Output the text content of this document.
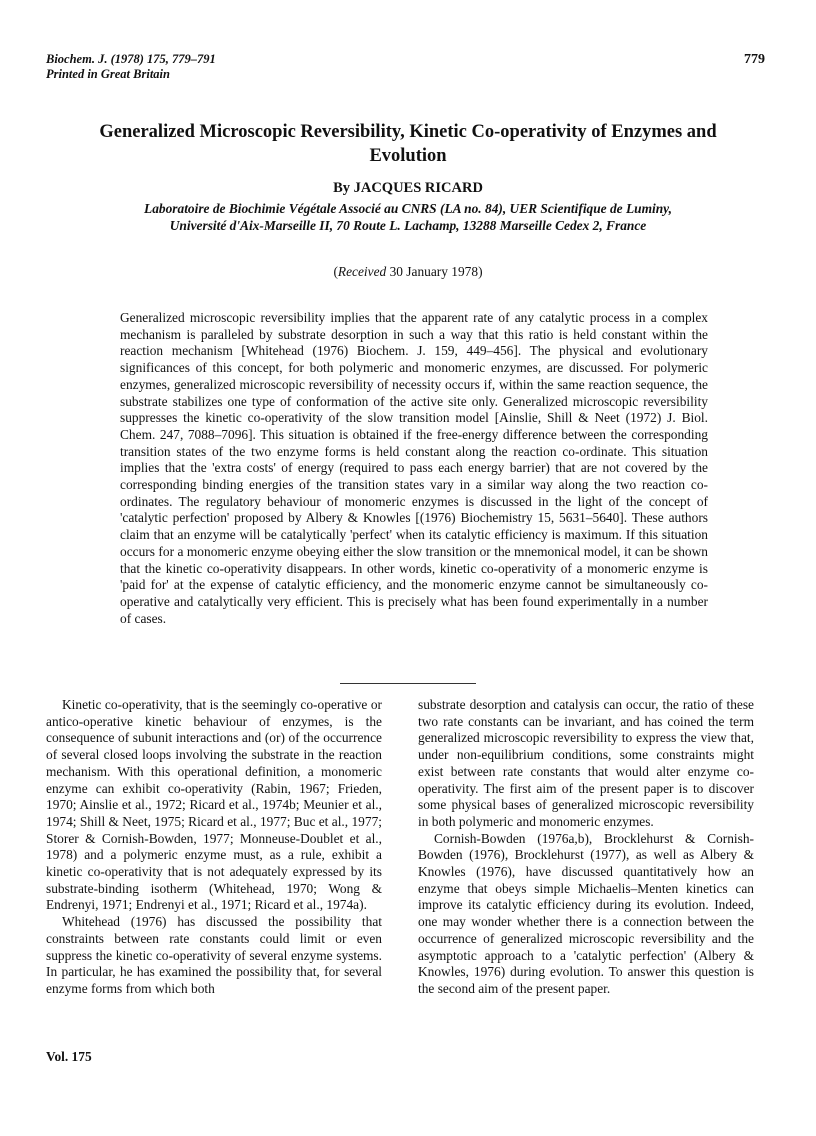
Biochem. J. (1978) 175, 779–791
Printed in Great Britain
779
Generalized Microscopic Reversibility, Kinetic Co-operativity of Enzymes and Evolution
By JACQUES RICARD
Laboratoire de Biochimie Végétale Associé au CNRS (LA no. 84), UER Scientifique de Luminy,
Université d'Aix-Marseille II, 70 Route L. Lachamp, 13288 Marseille Cedex 2, France
(Received 30 January 1978)
Generalized microscopic reversibility implies that the apparent rate of any catalytic process in a complex mechanism is paralleled by substrate desorption in such a way that this ratio is held constant within the reaction mechanism [Whitehead (1976) Biochem. J. 159, 449–456]. The physical and evolutionary significances of this concept, for both polymeric and monomeric enzymes, are discussed. For polymeric enzymes, generalized microscopic reversibility of necessity occurs if, within the same reaction sequence, the substrate stabilizes one type of conformation of the active site only. Generalized microscopic reversibility suppresses the kinetic co-operativity of the slow transition model [Ainslie, Shill & Neet (1972) J. Biol. Chem. 247, 7088–7096]. This situation is obtained if the free-energy difference between the corresponding transition states of the two enzyme forms is held constant along the reaction co-ordinate. This situation implies that the 'extra costs' of energy (required to pass each energy barrier) that are not covered by the corresponding binding energies of the transition states vary in a similar way along the two reaction co-ordinates. The regulatory behaviour of monomeric enzymes is discussed in the light of the concept of 'catalytic perfection' proposed by Albery & Knowles [(1976) Biochemistry 15, 5631–5640]. These authors claim that an enzyme will be catalytically 'perfect' when its catalytic efficiency is maximum. If this situation occurs for a monomeric enzyme obeying either the slow transition or the mnemonical model, it can be shown that the kinetic co-operativity disappears. In other words, kinetic co-operativity of a monomeric enzyme is 'paid for' at the expense of catalytic efficiency, and the monomeric enzyme cannot be simultaneously co-operative and catalytically very efficient. This is precisely what has been found experimentally in a number of cases.

Kinetic co-operativity, that is the seemingly co-operative or antico-operative kinetic behaviour of enzymes, is the consequence of subunit interactions and (or) of the occurrence of several closed loops involving the substrate in the reaction mechanism. With this operational definition, a monomeric enzyme can exhibit co-operativity (Rabin, 1967; Frieden, 1970; Ainslie et al., 1972; Ricard et al., 1974b; Meunier et al., 1974; Shill & Neet, 1975; Ricard et al., 1977; Buc et al., 1977; Storer & Cornish-Bowden, 1977; Monneuse-Doublet et al., 1978) and a polymeric enzyme must, as a rule, exhibit a kinetic co-operativity that is not adequately expressed by its substrate-binding isotherm (Whitehead, 1970; Wong & Endrenyi, 1971; Endrenyi et al., 1971; Ricard et al., 1974a).

Whitehead (1976) has discussed the possibility that constraints between rate constants could limit or even suppress the kinetic co-operativity of several enzyme systems. In particular, he has examined the possibility that, for several enzyme forms from which both

substrate desorption and catalysis can occur, the ratio of these two rate constants can be invariant, and has coined the term generalized microscopic reversibility to express the view that, under non-equilibrium conditions, some constraints might exist between rate constants that would alter enzyme co-operativity. The first aim of the present paper is to discover some physical bases of generalized microscopic reversibility in both polymeric and monomeric enzymes.

Cornish-Bowden (1976a,b), Brocklehurst & Cornish-Bowden (1976), Brocklehurst (1977), as well as Albery & Knowles (1976), have discussed quantitatively how an enzyme that obeys simple Michaelis–Menten kinetics can improve its catalytic efficiency during its evolution. Indeed, one may wonder whether there is a connection between the occurrence of generalized microscopic reversibility and the asymptotic approach to a 'catalytic perfection' (Albery & Knowles, 1976) during evolution. To answer this question is the second aim of the present paper.

Vol. 175
